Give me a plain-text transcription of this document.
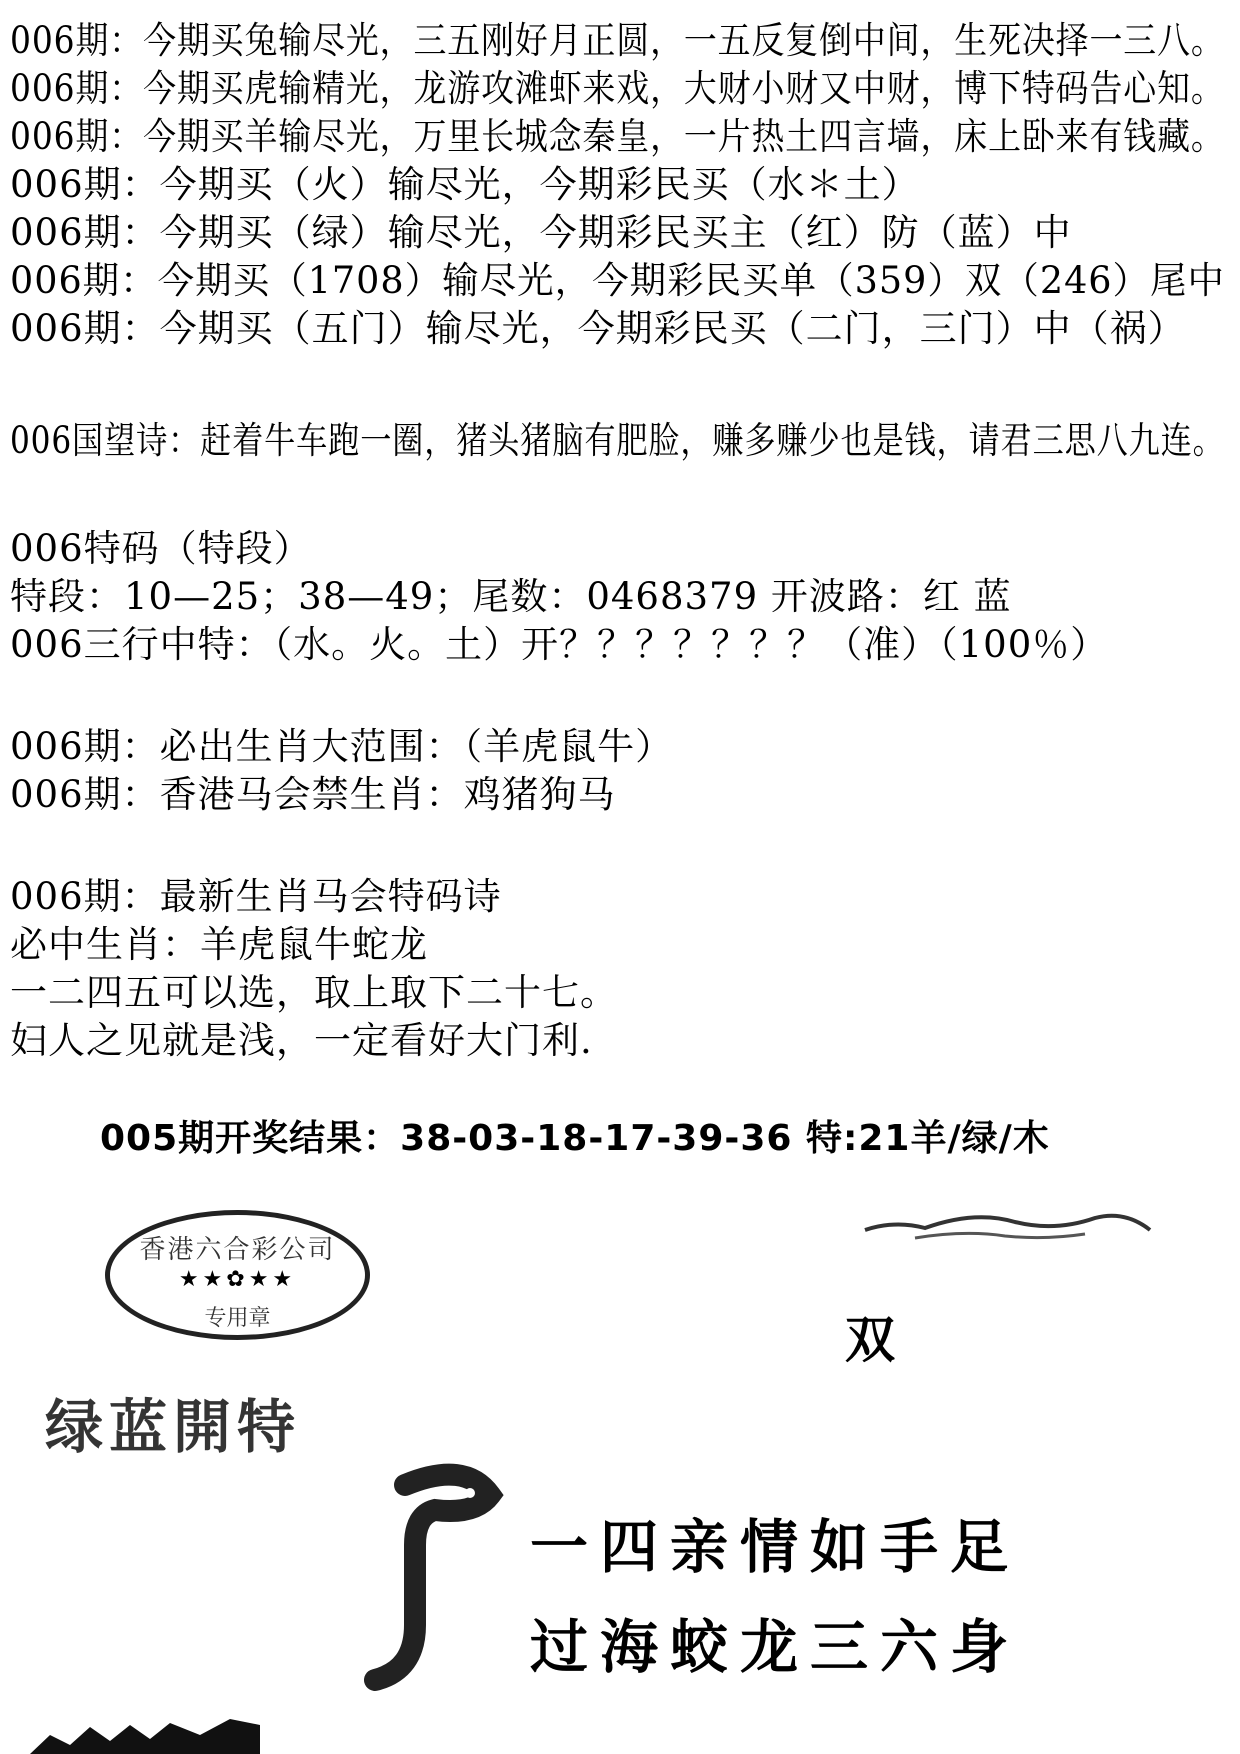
006期：今期买兔输尽光，三五刚好月正圆，一五反复倒中间，生死决择一三八。
006期：今期买虎输精光，龙游攻滩虾来戏，大财小财又中财，博下特码告心知。
006期：今期买羊输尽光，万里长城念秦皇，一片热土四言墙，床上卧来有钱藏。
006期：今期买（火）输尽光，今期彩民买（水＊土）
006期：今期买（绿）输尽光，今期彩民买主（红）防（蓝）中
006期：今期买（1708）输尽光，今期彩民买单（359）双（246）尾中
006期：今期买（五门）输尽光，今期彩民买（二门，三门）中（祸）
006国望诗：赶着牛车跑一圈，猪头猪脑有肥脸，赚多赚少也是钱，请君三思八九连。
006特码（特段）
特段：10—25；38—49；尾数：0468379 开波路：红 蓝
006三行中特：（水。火。土）开？？？？？？？（准）（100％）
006期：必出生肖大范围：（羊虎鼠牛）
006期：香港马会禁生肖：鸡猪狗马
006期：最新生肖马会特码诗
必中生肖：羊虎鼠牛蛇龙
一二四五可以选，取上取下二十七。
妇人之见就是浅，一定看好大门利.
005期开奖结果：38-03-18-17-39-36 特:21羊/绿/木
香港六合彩公司
★★✿★★
专用章
绿蓝開特
双
一四亲情如手足
过海蛟龙三六身
